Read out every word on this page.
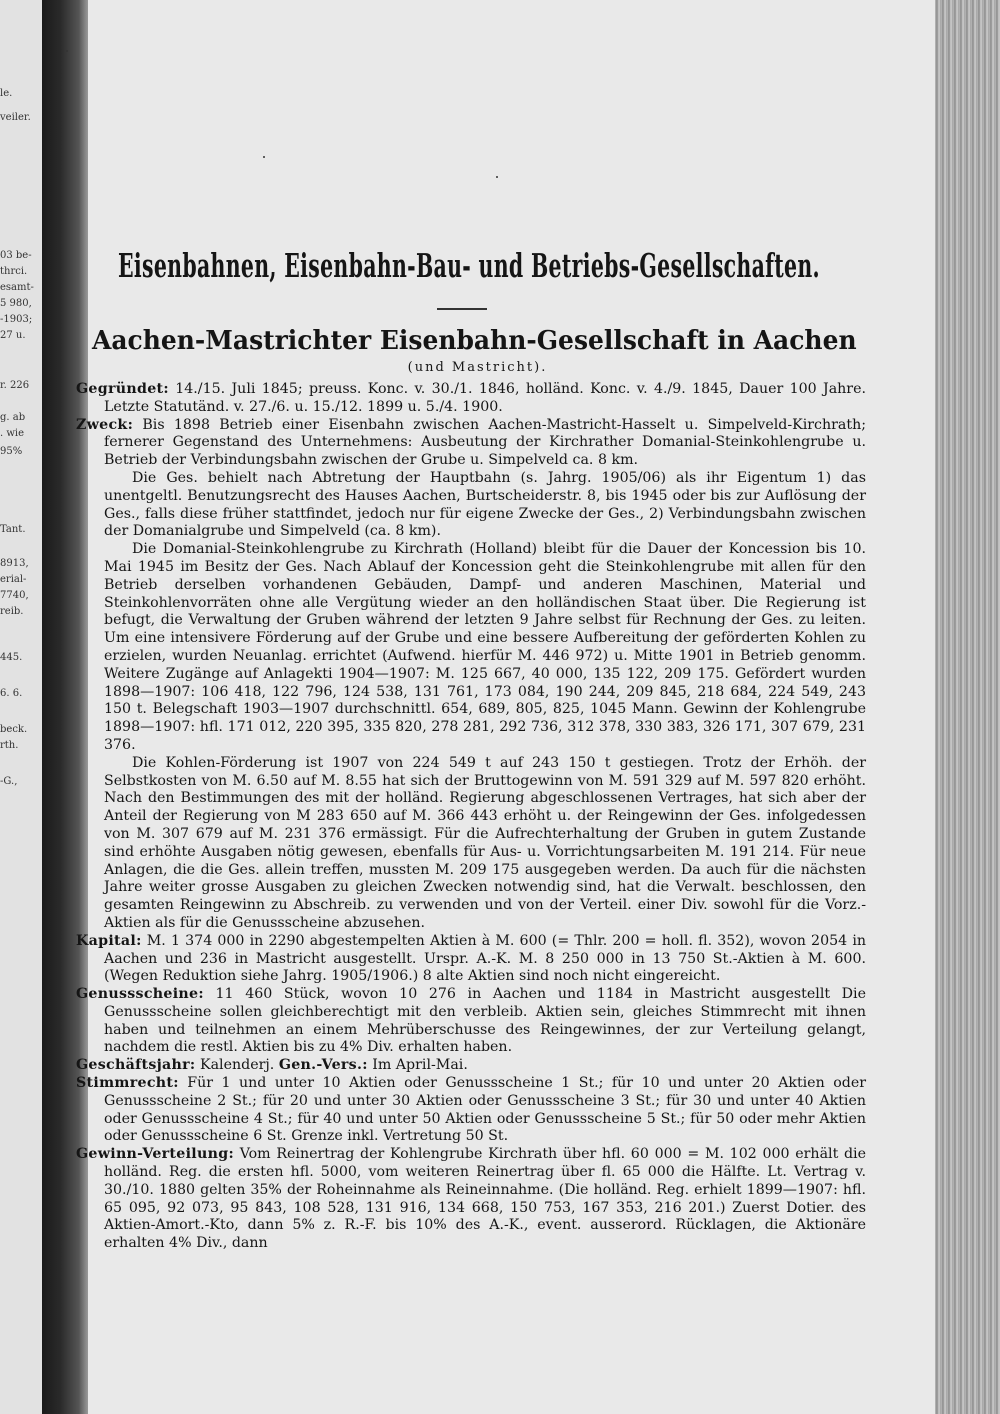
le.
veiler.
03 be-
thrci.
esamt-
5 980,
-1903;
27 u.
r. 226
g. ab
. wie
95%
Tant.
8913,
erial-
7740,
reib.
445.
6. 6.
beck.
rth.
-G.,
Eisenbahnen, Eisenbahn-Bau- und Betriebs-Gesellschaften.
Aachen-Mastrichter Eisenbahn-Gesellschaft in Aachen
(und Mastricht).

Gegründet: 14./15. Juli 1845; preuss. Konc. v. 30./1. 1846, holländ. Konc. v. 4./9. 1845, Dauer 100 Jahre. Letzte Statutänd. v. 27./6. u. 15./12. 1899 u. 5./4. 1900.

Zweck: Bis 1898 Betrieb einer Eisenbahn zwischen Aachen-Mastricht-Hasselt u. Simpelveld-Kirchrath; fernerer Gegenstand des Unternehmens: Ausbeutung der Kirchrather Domanial-Steinkohlengrube u. Betrieb der Verbindungsbahn zwischen der Grube u. Simpelveld ca. 8 km.

Die Ges. behielt nach Abtretung der Hauptbahn (s. Jahrg. 1905/06) als ihr Eigentum 1) das unentgeltl. Benutzungsrecht des Hauses Aachen, Burtscheiderstr. 8, bis 1945 oder bis zur Auflösung der Ges., falls diese früher stattfindet, jedoch nur für eigene Zwecke der Ges., 2) Verbindungsbahn zwischen der Domanialgrube und Simpelveld (ca. 8 km).

Die Domanial-Steinkohlengrube zu Kirchrath (Holland) bleibt für die Dauer der Koncession bis 10. Mai 1945 im Besitz der Ges. Nach Ablauf der Koncession geht die Steinkohlengrube mit allen für den Betrieb derselben vorhandenen Gebäuden, Dampf- und anderen Maschinen, Material und Steinkohlenvorräten ohne alle Vergütung wieder an den holländischen Staat über. Die Regierung ist befugt, die Verwaltung der Gruben während der letzten 9 Jahre selbst für Rechnung der Ges. zu leiten. Um eine intensivere Förderung auf der Grube und eine bessere Aufbereitung der geförderten Kohlen zu erzielen, wurden Neuanlag. errichtet (Aufwend. hierfür M. 446 972) u. Mitte 1901 in Betrieb genomm. Weitere Zugänge auf Anlagekti 1904—1907: M. 125 667, 40 000, 135 122, 209 175. Gefördert wurden 1898—1907: 106 418, 122 796, 124 538, 131 761, 173 084, 190 244, 209 845, 218 684, 224 549, 243 150 t. Belegschaft 1903—1907 durchschnittl. 654, 689, 805, 825, 1045 Mann. Gewinn der Kohlengrube 1898—1907: hfl. 171 012, 220 395, 335 820, 278 281, 292 736, 312 378, 330 383, 326 171, 307 679, 231 376.

Die Kohlen-Förderung ist 1907 von 224 549 t auf 243 150 t gestiegen. Trotz der Erhöh. der Selbstkosten von M. 6.50 auf M. 8.55 hat sich der Bruttogewinn von M. 591 329 auf M. 597 820 erhöht. Nach den Bestimmungen des mit der holländ. Regierung abgeschlossenen Vertrages, hat sich aber der Anteil der Regierung von M 283 650 auf M. 366 443 erhöht u. der Reingewinn der Ges. infolgedessen von M. 307 679 auf M. 231 376 ermässigt. Für die Aufrechterhaltung der Gruben in gutem Zustande sind erhöhte Ausgaben nötig gewesen, ebenfalls für Aus- u. Vorrichtungsarbeiten M. 191 214. Für neue Anlagen, die die Ges. allein treffen, mussten M. 209 175 ausgegeben werden. Da auch für die nächsten Jahre weiter grosse Ausgaben zu gleichen Zwecken notwendig sind, hat die Verwalt. beschlossen, den gesamten Reingewinn zu Abschreib. zu verwenden und von der Verteil. einer Div. sowohl für die Vorz.-Aktien als für die Genussscheine abzusehen.

Kapital: M. 1 374 000 in 2290 abgestempelten Aktien à M. 600 (= Thlr. 200 = holl. fl. 352), wovon 2054 in Aachen und 236 in Mastricht ausgestellt. Urspr. A.-K. M. 8 250 000 in 13 750 St.-Aktien à M. 600. (Wegen Reduktion siehe Jahrg. 1905/1906.) 8 alte Aktien sind noch nicht eingereicht.

Genussscheine: 11 460 Stück, wovon 10 276 in Aachen und 1184 in Mastricht ausgestellt Die Genussscheine sollen gleichberechtigt mit den verbleib. Aktien sein, gleiches Stimmrecht mit ihnen haben und teilnehmen an einem Mehrüberschusse des Reingewinnes, der zur Verteilung gelangt, nachdem die restl. Aktien bis zu 4% Div. erhalten haben.

Geschäftsjahr: Kalenderj. Gen.-Vers.: Im April-Mai.

Stimmrecht: Für 1 und unter 10 Aktien oder Genussscheine 1 St.; für 10 und unter 20 Aktien oder Genussscheine 2 St.; für 20 und unter 30 Aktien oder Genussscheine 3 St.; für 30 und unter 40 Aktien oder Genussscheine 4 St.; für 40 und unter 50 Aktien oder Genussscheine 5 St.; für 50 oder mehr Aktien oder Genussscheine 6 St. Grenze inkl. Vertretung 50 St.

Gewinn-Verteilung: Vom Reinertrag der Kohlengrube Kirchrath über hfl. 60 000 = M. 102 000 erhält die holländ. Reg. die ersten hfl. 5000, vom weiteren Reinertrag über fl. 65 000 die Hälfte. Lt. Vertrag v. 30./10. 1880 gelten 35% der Roheinnahme als Reineinnahme. (Die holländ. Reg. erhielt 1899—1907: hfl. 65 095, 92 073, 95 843, 108 528, 131 916, 134 668, 150 753, 167 353, 216 201.) Zuerst Dotier. des Aktien-Amort.-Kto, dann 5% z. R.-F. bis 10% des A.-K., event. ausserord. Rücklagen, die Aktionäre erhalten 4% Div., dann
